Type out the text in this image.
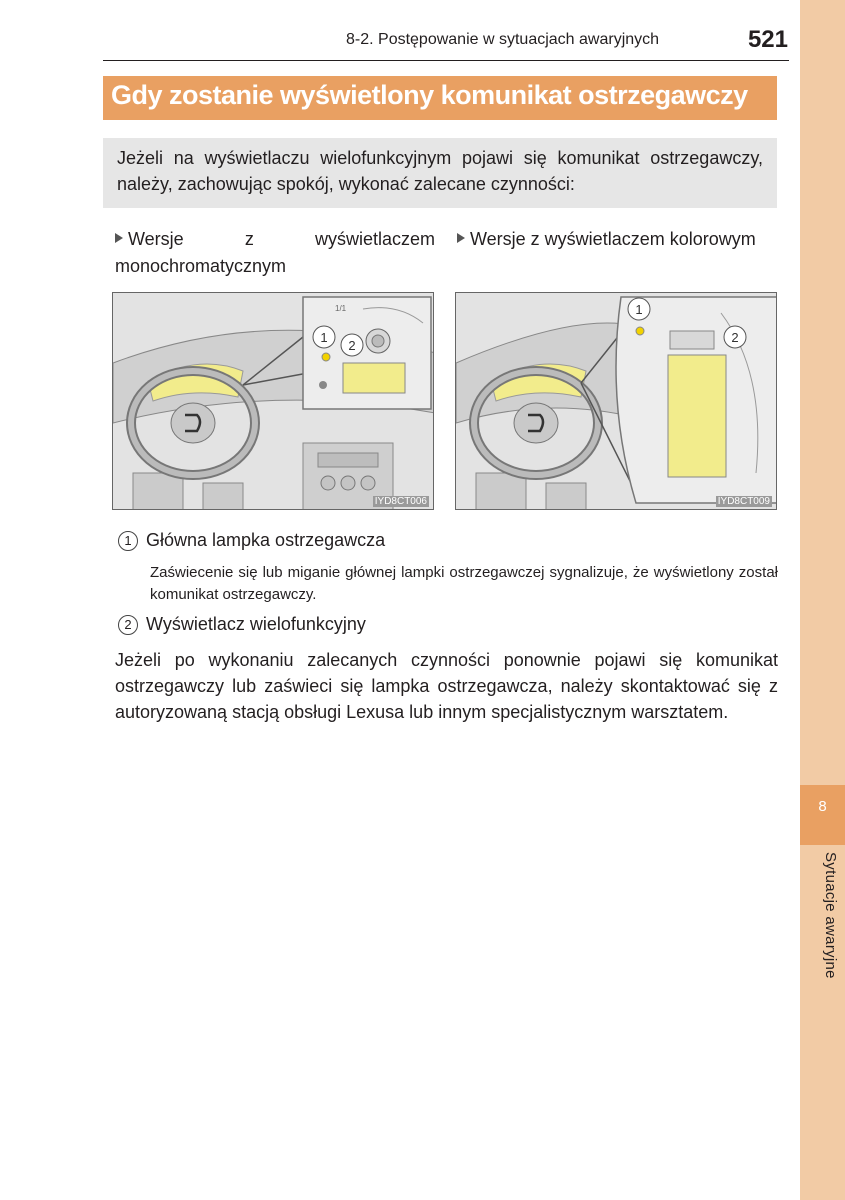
8
Sytuacje awaryjne
8-2. Postępowanie w sytuacjach awaryjnych	521
Gdy zostanie wyświetlony komunikat ostrzegawczy
Jeżeli na wyświetlaczu wielofunkcyjnym pojawi się komunikat ostrzegawczy, należy, zachowując spokój, wykonać zalecane czynności:
Wersje z wyświetlaczem monochromatycznym
Wersje z wyświetlaczem kolorowym
1/1
1
2
IYD8CT006
1
2
IYD8CT009
1 Główna lampka ostrzegawcza
Zaświecenie się lub miganie głównej lampki ostrzegawczej sygnalizuje, że wyświetlony został komunikat ostrzegawczy.
2 Wyświetlacz wielofunkcyjny
Jeżeli po wykonaniu zalecanych czynności ponownie pojawi się komunikat ostrzegawczy lub zaświeci się lampka ostrzegawcza, należy skontaktować się z autoryzowaną stacją obsługi Lexusa lub innym specjalistycznym warsztatem.
